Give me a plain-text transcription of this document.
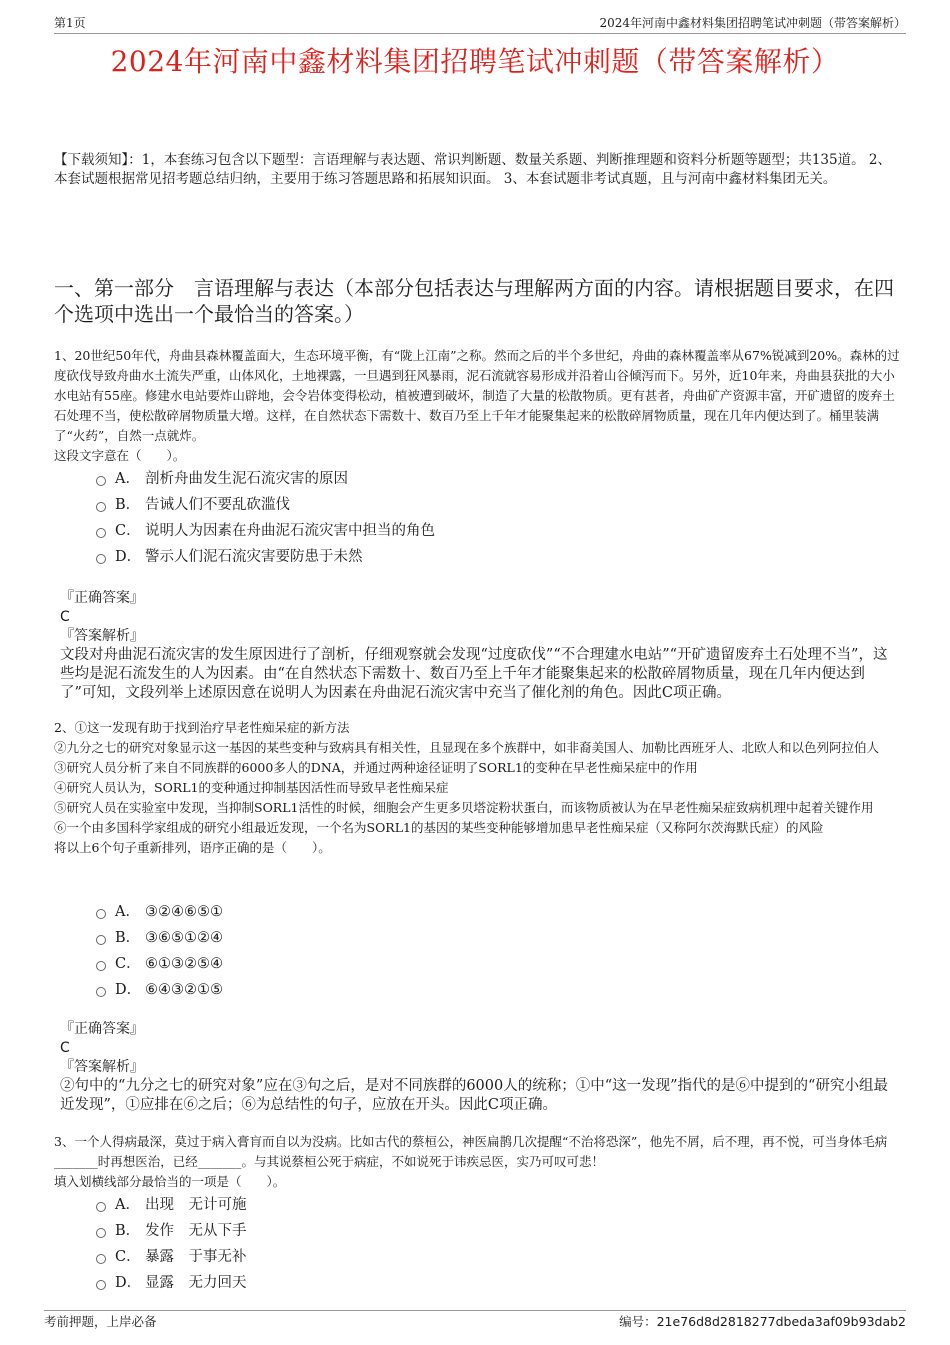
第1页	2024年河南中鑫材料集团招聘笔试冲刺题（带答案解析）
2024年河南中鑫材料集团招聘笔试冲刺题（带答案解析）
【下载须知】：1，本套练习包含以下题型：言语理解与表达题、常识判断题、数量关系题、判断推理题和资料分析题等题型；共135道。 2、本套试题根据常见招考题总结归纳，主要用于练习答题思路和拓展知识面。 3、本套试题非考试真题，且与河南中鑫材料集团无关。
一、第一部分　言语理解与表达（本部分包括表达与理解两方面的内容。请根据题目要求，在四个选项中选出一个最恰当的答案。）

1、20世纪50年代，舟曲县森林覆盖面大，生态环境平衡，有“陇上江南”之称。然而之后的半个多世纪，舟曲的森林覆盖率从67%锐减到20%。森林的过度砍伐导致舟曲水土流失严重，山体风化，土地裸露，一旦遇到狂风暴雨，泥石流就容易形成并沿着山谷倾泻而下。另外，近10年来，舟曲县获批的大小水电站有55座。修建水电站要炸山辟地，会令岩体变得松动，植被遭到破坏，制造了大量的松散物质。更有甚者，舟曲矿产资源丰富，开矿遗留的废弃土石处理不当，使松散碎屑物质量大增。这样，在自然状态下需数十、数百乃至上千年才能聚集起来的松散碎屑物质量，现在几年内便达到了。桶里装满了“火药”，自然一点就炸。

这段文字意在（　　）。

A． 剖析舟曲发生泥石流灾害的原因
B． 告诫人们不要乱砍滥伐
C． 说明人为因素在舟曲泥石流灾害中担当的角色
D． 警示人们泥石流灾害要防患于未然
『正确答案』
C
『答案解析』
文段对舟曲泥石流灾害的发生原因进行了剖析，仔细观察就会发现“过度砍伐”“不合理建水电站”“开矿遗留废弃土石处理不当”，这些均是泥石流发生的人为因素。由“在自然状态下需数十、数百乃至上千年才能聚集起来的松散碎屑物质量，现在几年内便达到了”可知，文段列举上述原因意在说明人为因素在舟曲泥石流灾害中充当了催化剂的角色。因此C项正确。

2、①这一发现有助于找到治疗早老性痴呆症的新方法

②九分之七的研究对象显示这一基因的某些变种与致病具有相关性，且显现在多个族群中，如非裔美国人、加勒比西班牙人、北欧人和以色列阿拉伯人

③研究人员分析了来自不同族群的6000多人的DNA，并通过两种途径证明了SORL1的变种在早老性痴呆症中的作用

④研究人员认为，SORL1的变种通过抑制基因活性而导致早老性痴呆症

⑤研究人员在实验室中发现，当抑制SORL1活性的时候，细胞会产生更多贝塔淀粉状蛋白，而该物质被认为在早老性痴呆症致病机理中起着关键作用

⑥一个由多国科学家组成的研究小组最近发现，一个名为SORL1的基因的某些变种能够增加患早老性痴呆症（又称阿尔茨海默氏症）的风险

将以上6个句子重新排列，语序正确的是（　　）。

A． ③②④⑥⑤①
B． ③⑥⑤①②④
C． ⑥①③②⑤④
D． ⑥④③②①⑤
『正确答案』
C
『答案解析』
②句中的“九分之七的研究对象”应在③句之后，是对不同族群的6000人的统称；①中“这一发现”指代的是⑥中提到的“研究小组最近发现”，①应排在⑥之后；⑥为总结性的句子，应放在开头。因此C项正确。

3、一个人得病最深，莫过于病入膏肓而自以为没病。比如古代的蔡桓公，神医扁鹊几次提醒“不治将恐深”，他先不屑，后不理，再不悦，可当身体毛病_______时再想医治，已经_______。与其说蔡桓公死于病症，不如说死于讳疾忌医，实乃可叹可悲！

填入划横线部分最恰当的一项是（　　）。

A． 出现　无计可施
B． 发作　无从下手
C． 暴露　于事无补
D． 显露　无力回天
考前押题，上岸必备	编号：21e76d8d2818277dbeda3af09b93dab2
